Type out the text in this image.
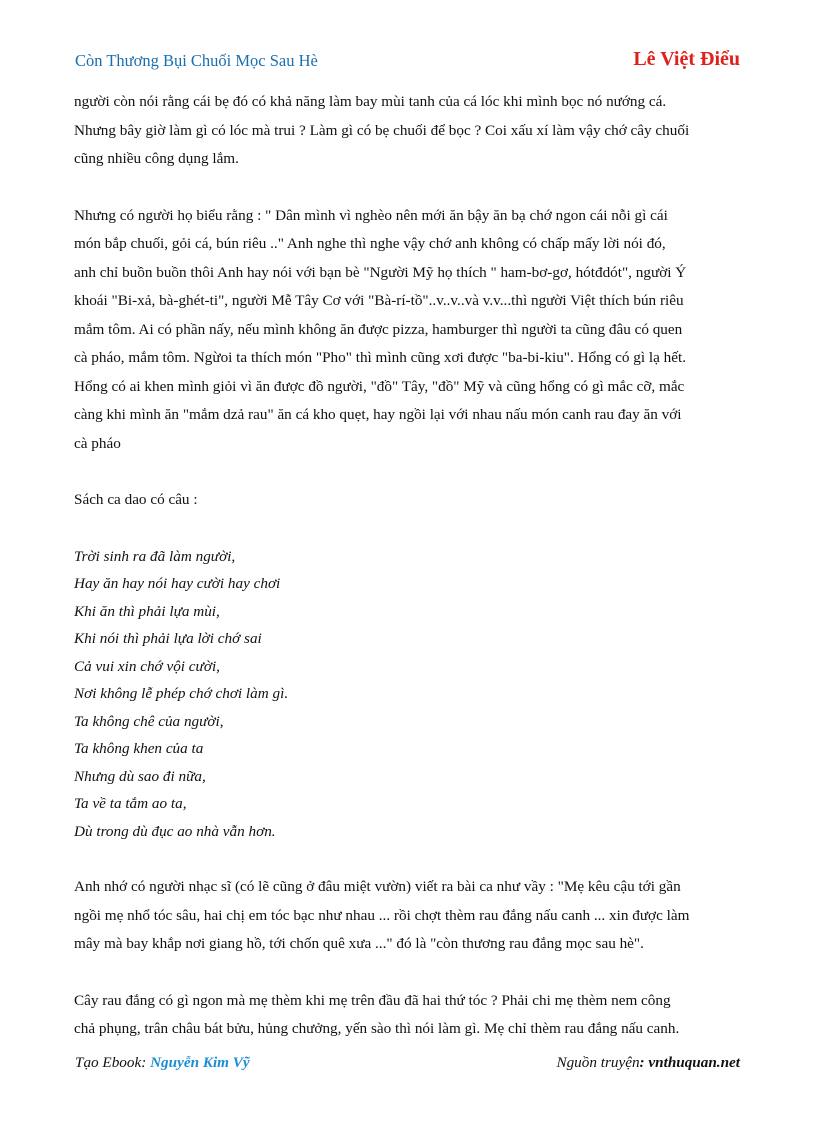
Còn Thương Bụi Chuối Mọc Sau Hè	Lê Việt Điểu

người còn nói rằng cái bẹ đó có khả năng làm bay mùi tanh của cá lóc khi mình bọc nó nướng cá.
Nhưng bây giờ làm gì có lóc mà trui ? Làm gì có bẹ chuối để bọc ? Coi xấu xí làm vậy chớ cây chuối
cũng nhiều công dụng lắm.

Nhưng có người họ biểu rằng : " Dân mình vì nghèo nên mới ăn bậy ăn bạ chớ ngon cái nỗi gì cái
món bắp chuối, gỏi cá, bún riêu .." Anh nghe thì nghe vậy chớ anh không có chấp mấy lời nói đó,
anh chỉ buồn buồn thôi Anh hay nói với bạn bè "Người Mỹ họ thích " ham-bơ-gơ, hótđdót", người Ý
khoái "Bi-xả, bà-ghét-ti", người Mễ Tây Cơ với "Bà-rí-tồ"..v..v..và v.v...thì người Việt thích bún riêu
mắm tôm. Ai có phần nấy, nếu mình không ăn được pizza, hamburger thì người ta cũng đâu có quen
cà pháo, mắm tôm. Ngừoi ta thích món "Pho" thì mình cũng xơi được "ba-bi-kiu". Hổng có gì lạ hết.
Hổng có ai khen mình giỏi vì ăn được đồ người, "đồ" Tây, "đồ" Mỹ và cũng hổng có gì mắc cỡ, mắc
càng khi mình ăn "mắm dzả rau" ăn cá kho quẹt, hay ngồi lại với nhau nấu món canh rau đay ăn với
cà pháo

Sách ca dao có câu :

Trời sinh ra đã làm người,
Hay ăn hay nói hay cười hay chơi
Khi ăn thì phải lựa mùi,
Khi nói thì phải lựa lời chớ sai
Cả vui xin chớ vội cười,
Nơi không lễ phép chớ chơi làm gì.
Ta không chê của người,
Ta không khen của ta
Nhưng dù sao đi nữa,
Ta về ta tắm ao ta,
Dù trong dù đục ao nhà vẫn hơn.

Anh nhớ có người nhạc sĩ (có lẽ cũng ở đâu miệt vườn) viết ra bài ca như vầy : "Mẹ kêu cậu tới gần
ngồi mẹ nhổ tóc sâu, hai chị em tóc bạc như nhau ... rồi chợt thèm rau đắng nấu canh ... xin được làm
mây mà bay khắp nơi giang hồ, tới chốn quê xưa ..." đó là "còn thương rau đắng mọc sau hè".

Cây rau đắng có gì ngon mà mẹ thèm khi mẹ trên đầu đã hai thứ tóc ? Phải chi mẹ thèm nem công
chả phụng, trân châu bát bửu, hủng chưởng, yến sào thì nói làm gì. Mẹ chỉ thèm rau đắng nấu canh.

Tạo Ebook: Nguyễn Kim Vỹ	Nguồn truyện: vnthuquan.net
